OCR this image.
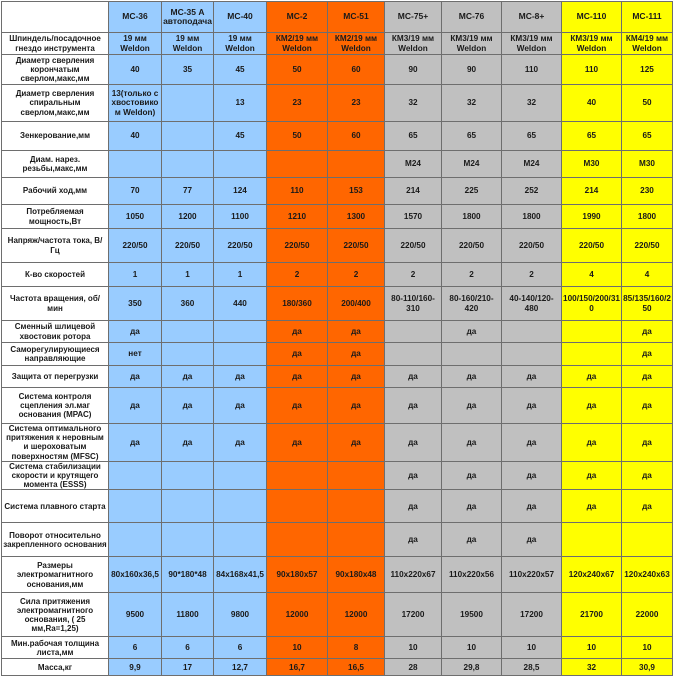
	МС-36	МС-35 А автоподача	МС-40	МС-2	МС-51	МС-75+	МС-76	МС-8+	МС-110	МС-111
Шпиндель/посадочное гнездо инструмента	19 мм Weldon	19 мм Weldon	19 мм Weldon	КМ2/19 мм Weldon	КМ2/19 мм Weldon	КМ3/19 мм Weldon	КМ3/19 мм Weldon	КМ3/19 мм Weldon	КМ3/19 мм Weldon	КМ4/19 мм Weldon
Диаметр сверления корончатым сверлом,макс,мм	40	35	45	50	60	90	90	110	110	125
Диаметр сверления спиральным сверлом,макс,мм	13(только с хвостовико м Weldon)		13	23	23	32	32	32	40	50
Зенкерование,мм	40		45	50	60	65	65	65	65	65
Диам. нарез. резьбы,макс,мм						М24	М24	М24	М30	М30
Рабочий ход,мм	70	77	124	110	153	214	225	252	214	230
Потребляемая мощность,Вт	1050	1200	1100	1210	1300	1570	1800	1800	1990	1800
Напряж/частота тока, В/Гц	220/50	220/50	220/50	220/50	220/50	220/50	220/50	220/50	220/50	220/50
К-во скоростей	1	1	1	2	2	2	2	2	4	4
Частота вращения, об/мин	350	360	440	180/360	200/400	80-110/160-310	80-160/210-420	40-140/120-480	100/150/200/310	85/135/160/250
Сменный шлицевой хвостовик ротора	да			да	да		да			да
Саморегулирующиеся направляющие	нет			да	да					да
Защита от перегрузки	да	да	да	да	да	да	да	да	да	да
Система контроля сцепления эл.маг основания (МРАС)	да	да	да	да	да	да	да	да	да	да
Система оптимального притяжения к неровным и шероховатым поверхностям (MFSC)	да	да	да	да	да	да	да	да	да	да
Система стабилизации скорости и крутящего момента (ESSS)						да	да	да	да	да
Система плавного старта						да	да	да	да	да
Поворот относительно закрепленного основания						да	да	да		
Размеры электромагнитного основания,мм	80x160x36,5	90*180*48	84x168x41,5	90x180x57	90x180x48	110x220x67	110x220x56	110x220x57	120x240x67	120x240x63
Сила притяжения электромагнитного основания, ( 25 мм,Ra=1,25)	9500	11800	9800	12000	12000	17200	19500	17200	21700	22000
Мин.рабочая толщина листа,мм	6	6	6	10	8	10	10	10	10	10
Масса,кг	9,9	17	12,7	16,7	16,5	28	29,8	28,5	32	30,9
